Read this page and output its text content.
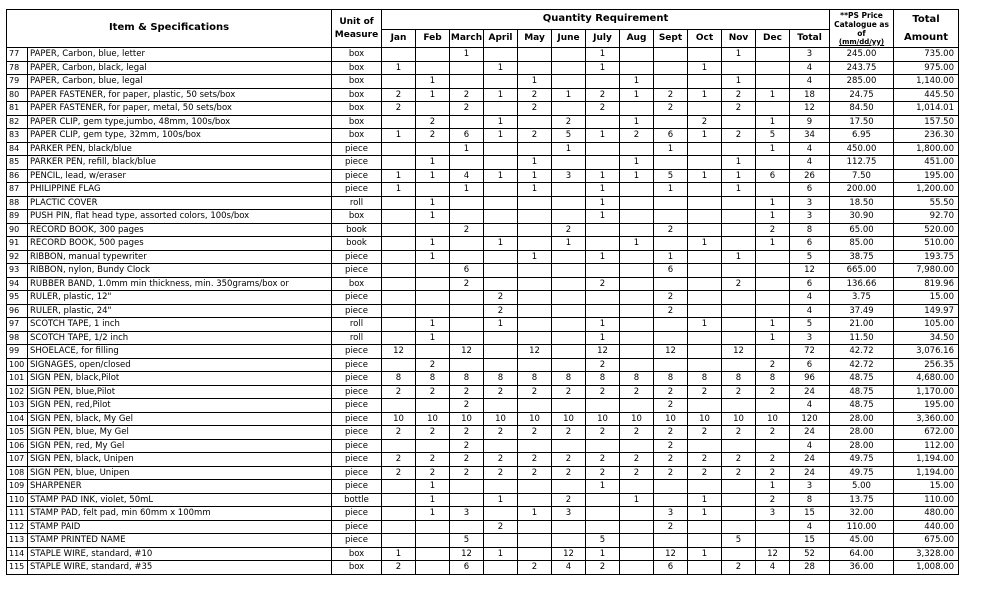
Item & Specifications		Unit of Measure	Quantity Requirement													**PS Price
Catalogue as of
(mm/dd/yy)	Total Amount
			Jan	Feb	March	April	May	June	July	Aug	Sept	Oct	Nov	Dec	Total		
77	PAPER, Carbon, blue, letter	box			1				1				1		3	245.00	735.00
78	PAPER, Carbon, black, legal	box	1			1			1			1			4	243.75	975.00
79	PAPER, Carbon, blue, legal	box		1			1			1			1		4	285.00	1,140.00
80	PAPER FASTENER, for paper, plastic, 50 sets/box	box	2	1	2	1	2	1	2	1	2	1	2	1	18	24.75	445.50
81	PAPER FASTENER, for paper, metal, 50 sets/box	box	2		2		2		2		2		2		12	84.50	1,014.01
82	PAPER CLIP, gem type,jumbo, 48mm, 100s/box	box		2		1		2		1		2		1	9	17.50	157.50
83	PAPER CLIP, gem type, 32mm, 100s/box	box	1	2	6	1	2	5	1	2	6	1	2	5	34	6.95	236.30
84	PARKER PEN, black/blue	piece			1			1			1			1	4	450.00	1,800.00
85	PARKER PEN, refill, black/blue	piece		1			1			1			1		4	112.75	451.00
86	PENCIL, lead, w/eraser	piece	1	1	4	1	1	3	1	1	5	1	1	6	26	7.50	195.00
87	PHILIPPINE FLAG	piece	1		1		1		1		1		1		6	200.00	1,200.00
88	PLACTIC COVER	roll		1					1					1	3	18.50	55.50
89	PUSH PIN, flat head type, assorted colors, 100s/box	box		1					1					1	3	30.90	92.70
90	RECORD BOOK, 300 pages	book			2			2			2			2	8	65.00	520.00
91	RECORD BOOK, 500 pages	book		1		1		1		1		1		1	6	85.00	510.00
92	RIBBON, manual typewriter	piece		1			1		1		1		1		5	38.75	193.75
93	RIBBON, nylon, Bundy Clock	piece			6						6				12	665.00	7,980.00
94	RUBBER BAND, 1.0mm min thickness, min. 350grams/box or	box			2				2				2		6	136.66	819.96
95	RULER, plastic, 12"	piece				2					2				4	3.75	15.00
96	RULER, plastic, 24"	piece				2					2				4	37.49	149.97
97	SCOTCH TAPE, 1 inch	roll		1		1			1			1		1	5	21.00	105.00
98	SCOTCH TAPE, 1/2 inch	roll		1					1					1	3	11.50	34.50
99	SHOELACE, for filling	piece	12		12		12		12		12		12		72	42.72	3,076.16
100	SIGNAGES, open/closed	piece		2					2					2	6	42.72	256.35
101	SIGN PEN, black,Pilot	piece	8	8	8	8	8	8	8	8	8	8	8	8	96	48.75	4,680.00
102	SIGN PEN, blue,Pilot	piece	2	2	2	2	2	2	2	2	2	2	2	2	24	48.75	1,170.00
103	SIGN PEN, red,Pilot	piece			2						2				4	48.75	195.00
104	SIGN PEN, black, My Gel	piece	10	10	10	10	10	10	10	10	10	10	10	10	120	28.00	3,360.00
105	SIGN PEN, blue, My Gel	piece	2	2	2	2	2	2	2	2	2	2	2	2	24	28.00	672.00
106	SIGN PEN, red, My Gel	piece			2						2				4	28.00	112.00
107	SIGN PEN, black, Unipen	piece	2	2	2	2	2	2	2	2	2	2	2	2	24	49.75	1,194.00
108	SIGN PEN, blue, Unipen	piece	2	2	2	2	2	2	2	2	2	2	2	2	24	49.75	1,194.00
109	SHARPENER	piece		1					1					1	3	5.00	15.00
110	STAMP PAD INK, violet, 50mL	bottle		1		1		2		1		1		2	8	13.75	110.00
111	STAMP PAD, felt pad, min 60mm x 100mm	piece		1	3		1	3			3	1		3	15	32.00	480.00
112	STAMP PAID	piece				2					2				4	110.00	440.00
113	STAMP PRINTED NAME	piece			5				5				5		15	45.00	675.00
114	STAPLE WIRE, standard, #10	box	1		12	1		12	1		12	1		12	52	64.00	3,328.00
115	STAPLE WIRE, standard, #35	box	2		6		2	4	2		6		2	4	28	36.00	1,008.00
